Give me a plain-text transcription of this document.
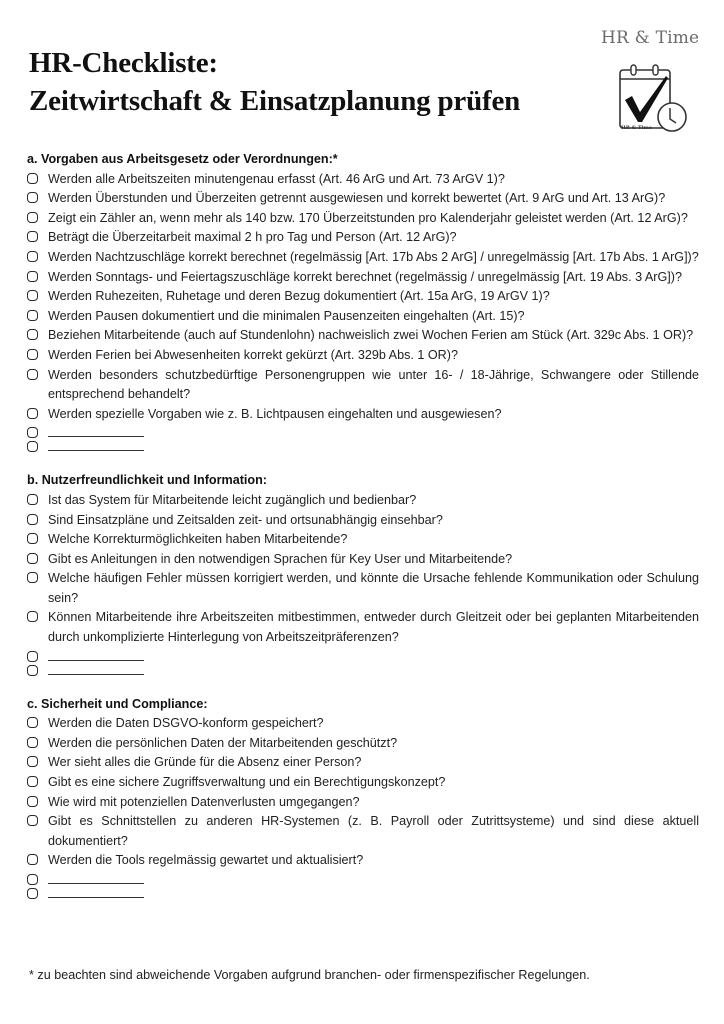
HR & Time
HR-Checkliste:
Zeitwirtschaft & Einsatzplanung prüfen
HR & Time
a. Vorgaben aus Arbeitsgesetz oder Verordnungen:*
Werden alle Arbeitszeiten minutengenau erfasst (Art. 46 ArG und Art. 73 ArGV 1)?
Werden Überstunden und Überzeiten getrennt ausgewiesen und korrekt bewertet (Art. 9 ArG und Art. 13 ArG)?
Zeigt ein Zähler an, wenn mehr als 140 bzw. 170 Überzeitstunden pro Kalenderjahr geleistet werden (Art. 12 ArG)?
Beträgt die Überzeitarbeit maximal 2 h pro Tag und Person (Art. 12 ArG)?
Werden Nachtzuschläge korrekt berechnet (regelmässig [Art. 17b Abs 2 ArG] / unregelmässig [Art. 17b Abs. 1 ArG])?
Werden Sonntags- und Feiertagszuschläge korrekt berechnet (regelmässig / unregelmässig [Art. 19 Abs. 3 ArG])?
Werden Ruhezeiten, Ruhetage und deren Bezug dokumentiert (Art. 15a ArG, 19 ArGV 1)?
Werden Pausen dokumentiert und die minimalen Pausenzeiten eingehalten (Art. 15)?
Beziehen Mitarbeitende (auch auf Stundenlohn) nachweislich zwei Wochen Ferien am Stück (Art. 329c Abs. 1 OR)?
Werden Ferien bei Abwesenheiten korrekt gekürzt (Art. 329b Abs. 1 OR)?
Werden besonders schutzbedürftige Personengruppen wie unter 16- / 18-Jährige, Schwangere oder Stillende entsprechend behandelt?
Werden spezielle Vorgaben wie z. B. Lichtpausen eingehalten und ausgewiesen?
b. Nutzerfreundlichkeit und Information:
Ist das System für Mitarbeitende leicht zugänglich und bedienbar?
Sind Einsatzpläne und Zeitsalden zeit- und ortsunabhängig einsehbar?
Welche Korrekturmöglichkeiten haben Mitarbeitende?
Gibt es Anleitungen in den notwendigen Sprachen für Key User und Mitarbeitende?
Welche häufigen Fehler müssen korrigiert werden, und könnte die Ursache fehlende Kommunikation oder Schulung sein?
Können Mitarbeitende ihre Arbeitszeiten mitbestimmen, entweder durch Gleitzeit oder bei geplanten Mitarbeitenden durch unkomplizierte Hinterlegung von Arbeitszeitpräferenzen?
c. Sicherheit und Compliance:
Werden die Daten DSGVO-konform gespeichert?
Werden die persönlichen Daten der Mitarbeitenden geschützt?
Wer sieht alles die Gründe für die Absenz einer Person?
Gibt es eine sichere Zugriffsverwaltung und ein Berechtigungskonzept?
Wie wird mit potenziellen Datenverlusten umgegangen?
Gibt es Schnittstellen zu anderen HR-Systemen (z. B. Payroll oder Zutrittsysteme) und sind diese aktuell dokumentiert?
Werden die Tools regelmässig gewartet und aktualisiert?
* zu beachten sind abweichende Vorgaben aufgrund branchen- oder firmenspezifischer Regelungen.
